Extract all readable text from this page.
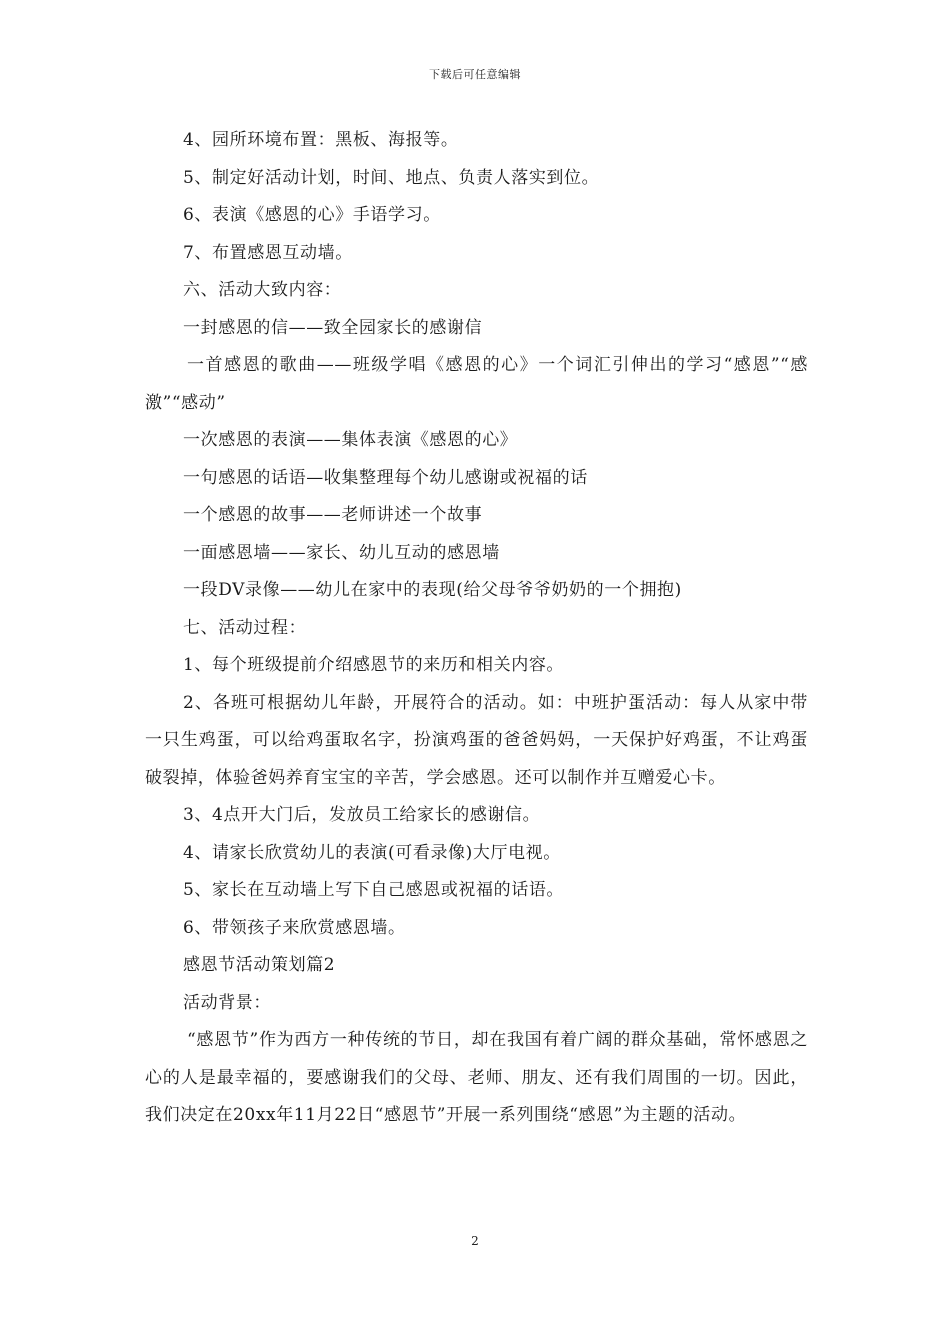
下载后可任意编辑

4、园所环境布置：黑板、海报等。

5、制定好活动计划，时间、地点、负责人落实到位。

6、表演《感恩的心》手语学习。

7、布置感恩互动墙。

六、活动大致内容：

一封感恩的信——致全园家长的感谢信

一首感恩的歌曲——班级学唱《感恩的心》一个词汇引伸出的学习“感恩”“感激”“感动”

一次感恩的表演——集体表演《感恩的心》

一句感恩的话语—收集整理每个幼儿感谢或祝福的话

一个感恩的故事——老师讲述一个故事

一面感恩墙——家长、幼儿互动的感恩墙

一段DV录像——幼儿在家中的表现(给父母爷爷奶奶的一个拥抱)

七、活动过程：

1、每个班级提前介绍感恩节的来历和相关内容。

2、各班可根据幼儿年龄，开展符合的活动。如：中班护蛋活动：每人从家中带一只生鸡蛋，可以给鸡蛋取名字，扮演鸡蛋的爸爸妈妈，一天保护好鸡蛋，不让鸡蛋破裂掉，体验爸妈养育宝宝的辛苦，学会感恩。还可以制作并互赠爱心卡。

3、4点开大门后，发放员工给家长的感谢信。

4、请家长欣赏幼儿的表演(可看录像)大厅电视。

5、家长在互动墙上写下自己感恩或祝福的话语。

6、带领孩子来欣赏感恩墙。

感恩节活动策划篇2

活动背景：

“感恩节”作为西方一种传统的节日，却在我国有着广阔的群众基础，常怀感恩之心的人是最幸福的，要感谢我们的父母、老师、朋友、还有我们周围的一切。因此，我们决定在20xx年11月22日“感恩节”开展一系列围绕“感恩”为主题的活动。

2
